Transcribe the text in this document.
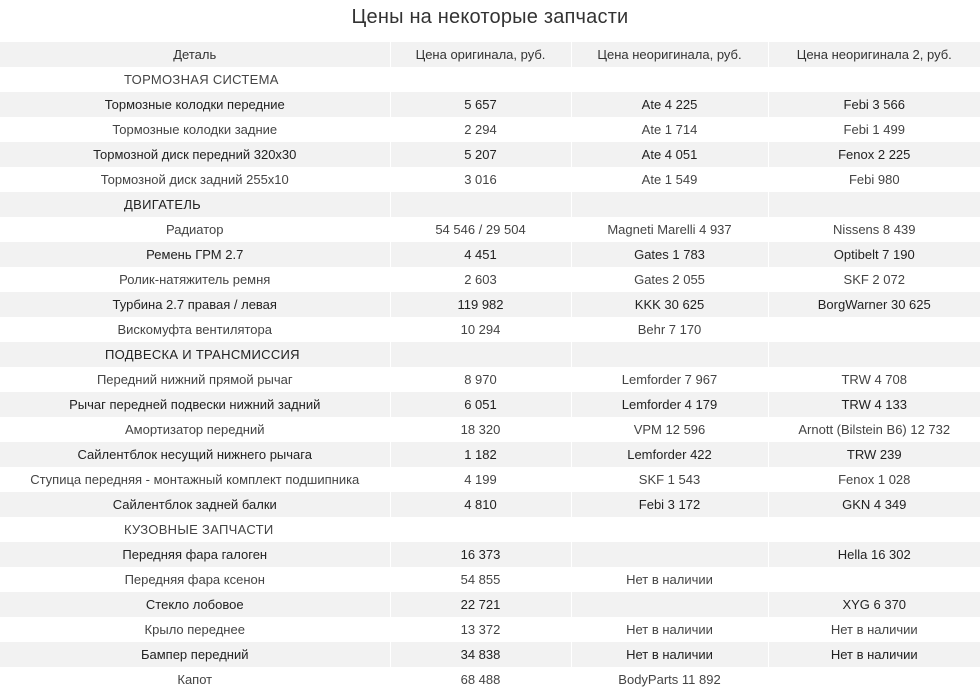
Цены на некоторые запчасти
Деталь	Цена оригинала, руб.	Цена неоригинала, руб.	Цена неоригинала 2, руб.
ТОРМОЗНАЯ СИСТЕМА			
Тормозные колодки передние	5 657	Ate 4 225	Febi 3 566
Тормозные колодки задние	2 294	Ate 1 714	Febi 1 499
Тормозной диск передний 320x30	5 207	Ate 4 051	Fenox 2 225
Тормозной диск задний 255x10	3 016	Ate 1 549	Febi 980
ДВИГАТЕЛЬ			
Радиатор	54 546 / 29 504	Magneti Marelli 4 937	Nissens 8 439
Ремень ГРМ 2.7	4 451	Gates 1 783	Optibelt 7 190
Ролик-натяжитель ремня	2 603	Gates 2 055	SKF 2 072
Турбина 2.7 правая / левая	119 982	KKK 30 625	BorgWarner 30 625
Вискомуфта вентилятора	10 294	Behr 7 170	
ПОДВЕСКА И ТРАНСМИССИЯ			
Передний нижний прямой рычаг	8 970	Lemforder 7 967	TRW 4 708
Рычаг передней подвески нижний задний	6 051	Lemforder 4 179	TRW 4 133
Амортизатор передний	18 320	VPM 12 596	Arnott (Bilstein B6) 12 732
Сайлентблок несущий нижнего рычага	1 182	Lemforder 422	TRW 239
Ступица передняя - монтажный комплект подшипника	4 199	SKF 1 543	Fenox 1 028
Сайлентблок задней балки	4 810	Febi 3 172	GKN 4 349
КУЗОВНЫЕ ЗАПЧАСТИ			
Передняя фара галоген	16 373		Hella 16 302
Передняя фара ксенон	54 855	Нет в наличии	
Стекло лобовое	22 721		XYG 6 370
Крыло переднее	13 372	Нет в наличии	Нет в наличии
Бампер передний	34 838	Нет в наличии	Нет в наличии
Капот	68 488	BodyParts 11 892	
